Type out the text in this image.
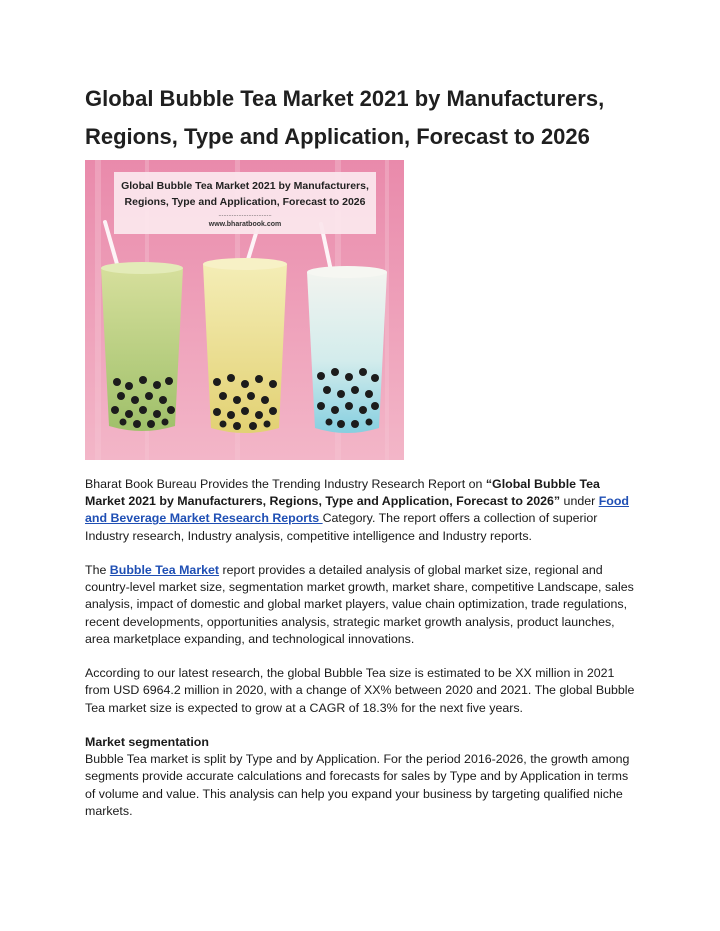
Global Bubble Tea Market 2021 by Manufacturers, Regions, Type and Application, Forecast to 2026
Global Bubble Tea Market 2021 by Manufacturers,
Regions, Type and Application, Forecast to 2026
................................
www.bharatbook.com

Bharat Book Bureau Provides the Trending Industry Research Report on “Global Bubble Tea Market 2021 by Manufacturers, Regions, Type and Application, Forecast to 2026” under Food and Beverage Market Research Reports Category. The report offers a collection of superior Industry research, Industry analysis, competitive intelligence and Industry reports.

The Bubble Tea Market report provides a detailed analysis of global market size, regional and country-level market size, segmentation market growth, market share, competitive Landscape, sales analysis, impact of domestic and global market players, value chain optimization, trade regulations, recent developments, opportunities analysis, strategic market growth analysis, product launches, area marketplace expanding, and technological innovations.

According to our latest research, the global Bubble Tea size is estimated to be XX million in 2021 from USD 6964.2 million in 2020, with a change of XX% between 2020 and 2021. The global Bubble Tea market size is expected to grow at a CAGR of 18.3% for the next five years.

Market segmentation
Bubble Tea market is split by Type and by Application. For the period 2016-2026, the growth among segments provide accurate calculations and forecasts for sales by Type and by Application in terms of volume and value. This analysis can help you expand your business by targeting qualified niche markets.
